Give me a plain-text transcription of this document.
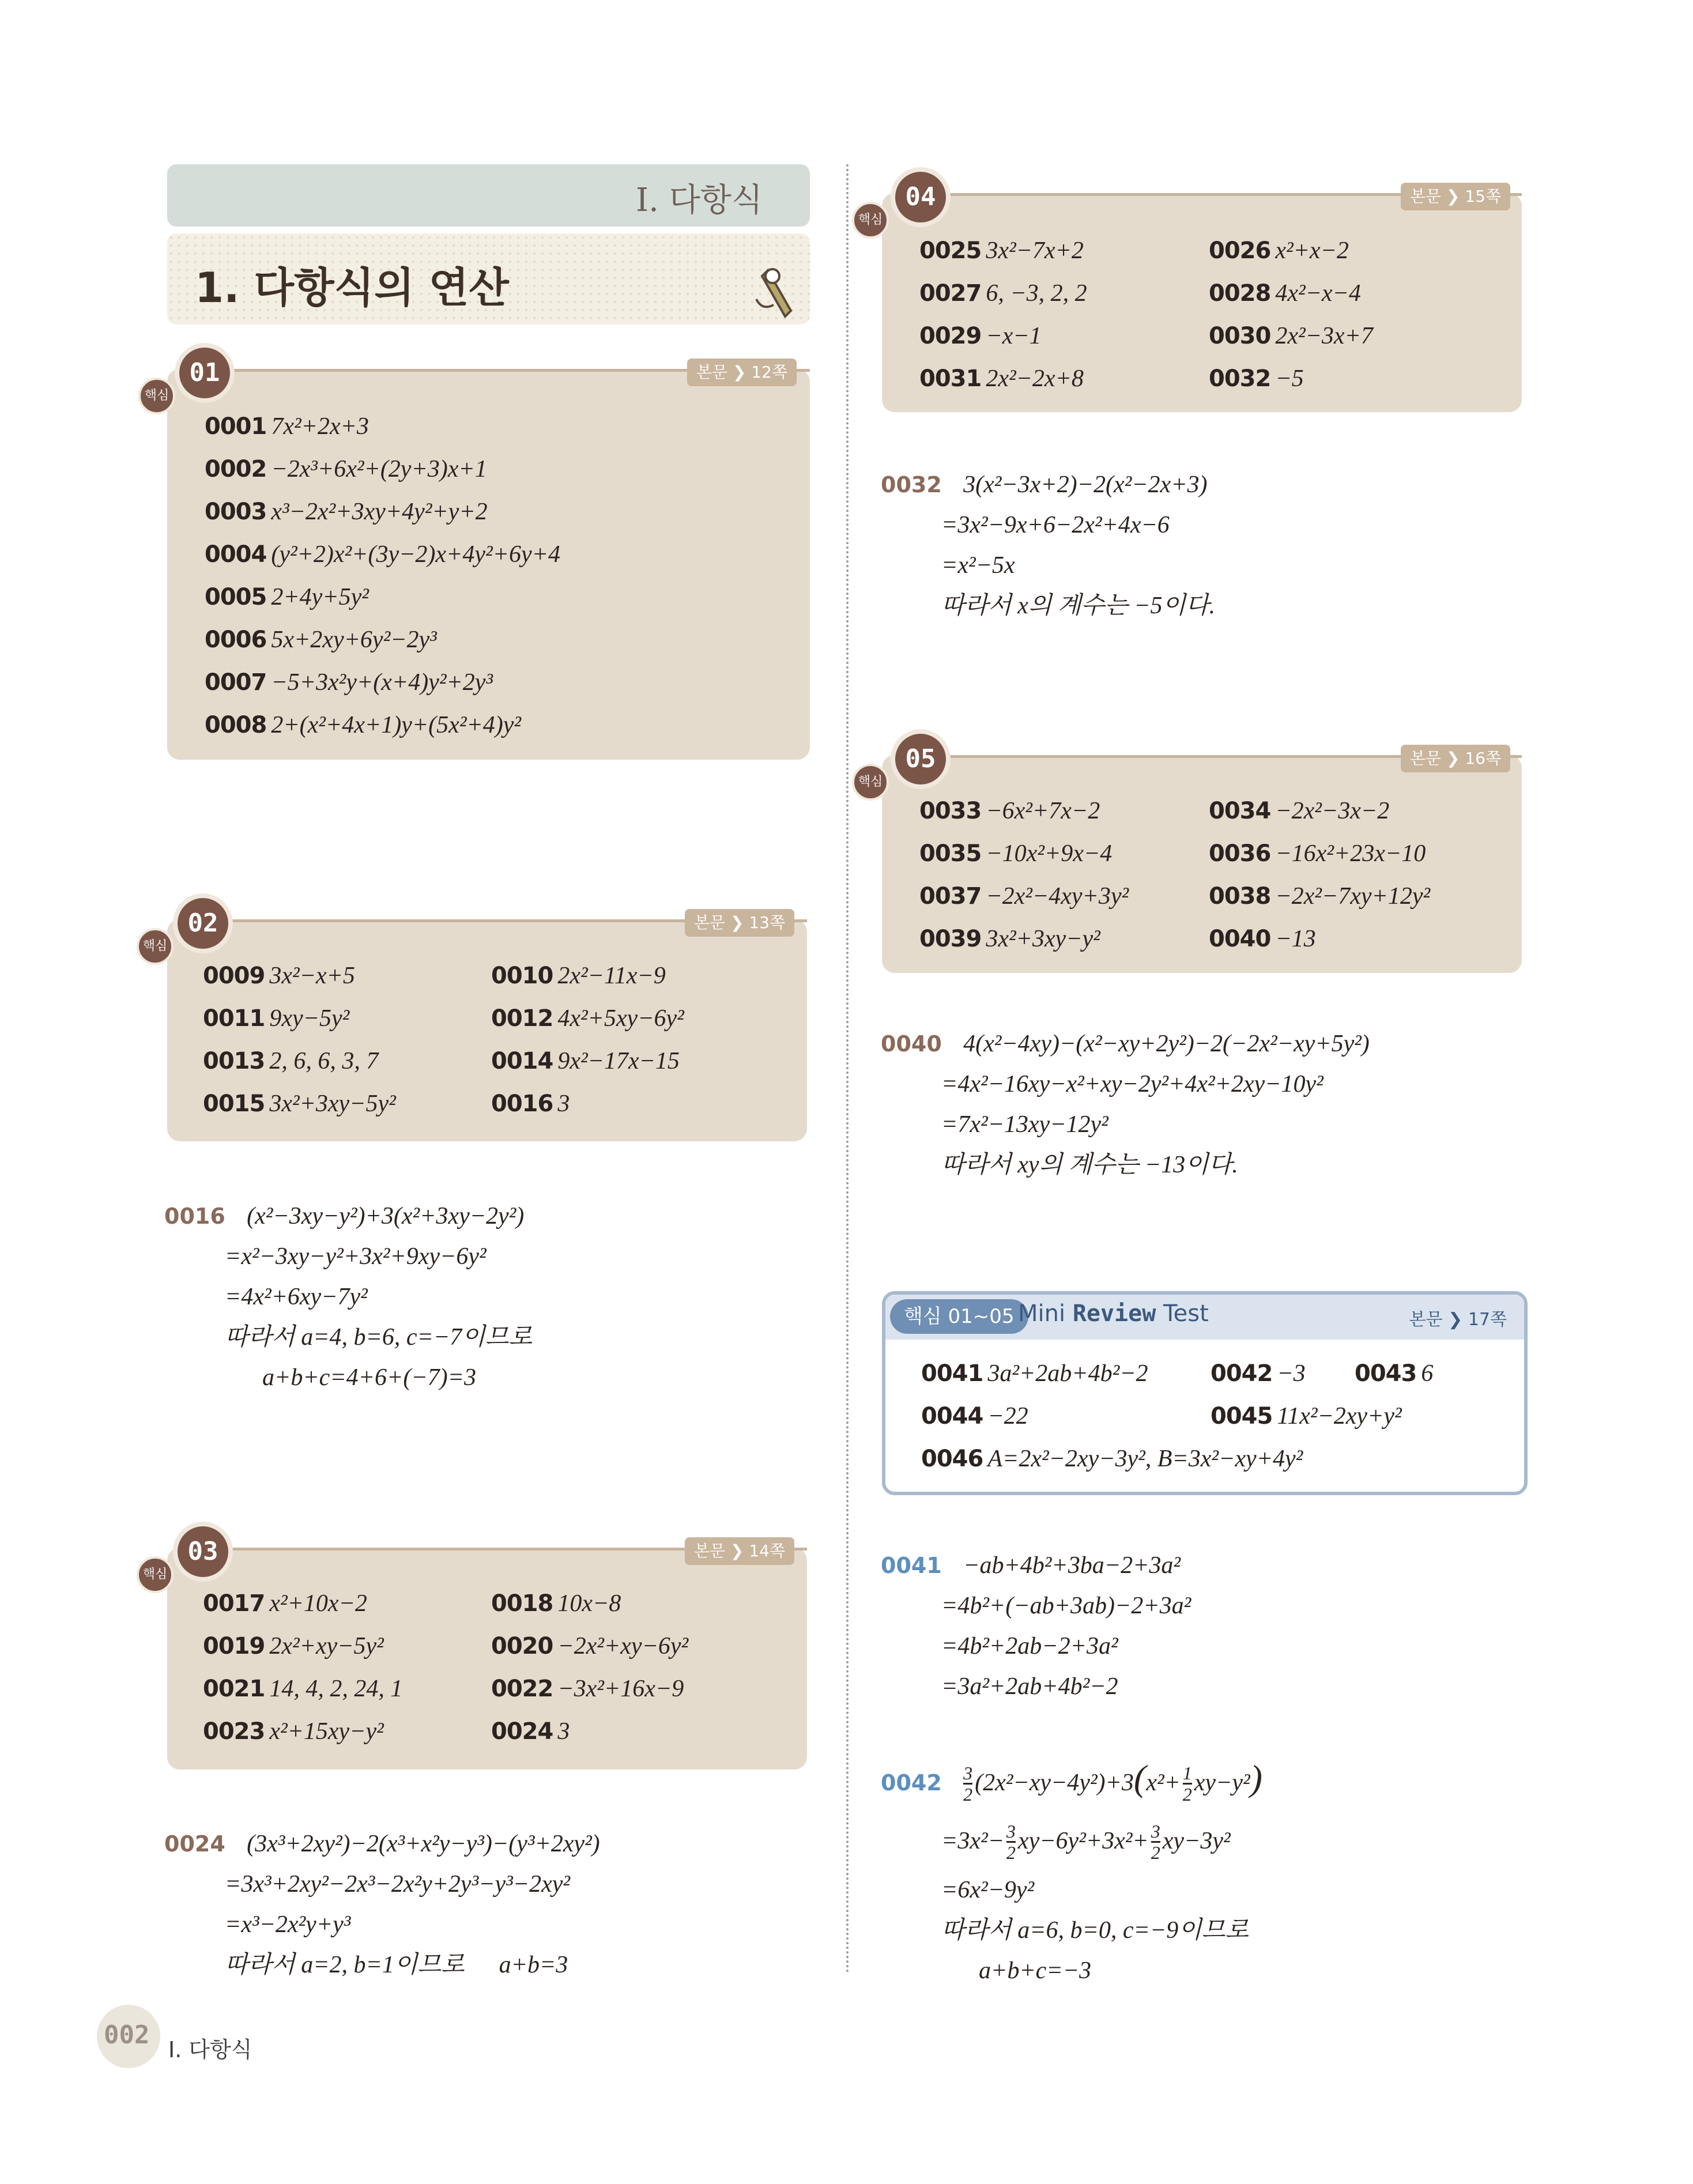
I. 다항식
1. 다항식의 연산
01
핵심
본문 ❯ 12쪽
0001 7x²+2x+3
0002 −2x³+6x²+(2y+3)x+1
0003 x³−2x²+3xy+4y²+y+2
0004 (y²+2)x²+(3y−2)x+4y²+6y+4
0005 2+4y+5y²
0006 5x+2xy+6y²−2y³
0007 −5+3x²y+(x+4)y²+2y³
0008 2+(x²+4x+1)y+(5x²+4)y²
02
핵심
본문 ❯ 13쪽
0009 3x²−x+5	0010 2x²−11x−9
0011 9xy−5y²	0012 4x²+5xy−6y²
0013 2, 6, 6, 3, 7	0014 9x²−17x−15
0015 3x²+3xy−5y²	0016 3
0016 (x²−3xy−y²)+3(x²+3xy−2y²)
=x²−3xy−y²+3x²+9xy−6y²
=4x²+6xy−7y²
따라서 a=4, b=6, c=−7이므로
a+b+c=4+6+(−7)=3
03
핵심
본문 ❯ 14쪽
0017 x²+10x−2	0018 10x−8
0019 2x²+xy−5y²	0020 −2x²+xy−6y²
0021 14, 4, 2, 24, 1	0022 −3x²+16x−9
0023 x²+15xy−y²	0024 3
0024 (3x³+2xy²)−2(x³+x²y−y³)−(y³+2xy²)
=3x³+2xy²−2x³−2x²y+2y³−y³−2xy²
=x³−2x²y+y³
따라서 a=2, b=1이므로 a+b=3
04
핵심
본문 ❯ 15쪽
0025 3x²−7x+2	0026 x²+x−2
0027 6, −3, 2, 2	0028 4x²−x−4
0029 −x−1	0030 2x²−3x+7
0031 2x²−2x+8	0032 −5
0032 3(x²−3x+2)−2(x²−2x+3)
=3x²−9x+6−2x²+4x−6
=x²−5x
따라서 x의 계수는 −5이다.
05
핵심
본문 ❯ 16쪽
0033 −6x²+7x−2	0034 −2x²−3x−2
0035 −10x²+9x−4	0036 −16x²+23x−10
0037 −2x²−4xy+3y²	0038 −2x²−7xy+12y²
0039 3x²+3xy−y²	0040 −13
0040 4(x²−4xy)−(x²−xy+2y²)−2(−2x²−xy+5y²)
=4x²−16xy−x²+xy−2y²+4x²+2xy−10y²
=7x²−13xy−12y²
따라서 xy의 계수는 −13이다.
핵심 01~05 Mini Review Test	본문 ❯ 17쪽
0041 3a²+2ab+4b²−2	0042 −3	0043 6
0044 −22	0045 11x²−2xy+y²
0046 A=2x²−2xy−3y², B=3x²−xy+4y²
0041 −ab+4b²+3ba−2+3a²
=4b²+(−ab+3ab)−2+3a²
=4b²+2ab−2+3a²
=3a²+2ab+4b²−2
$0042 \frac{3}{2} (2x^2-xy-4y^2)+3(x^2+ \frac{1}{2} xy-y^2)$
$=3x^2- \frac{3}{2} xy-6y^2+3x^2+ \frac{3}{2} xy-3y^2$
=6x²−9y²
따라서 a=6, b=0, c=−9이므로
a+b+c=−3
002 I. 다항식
